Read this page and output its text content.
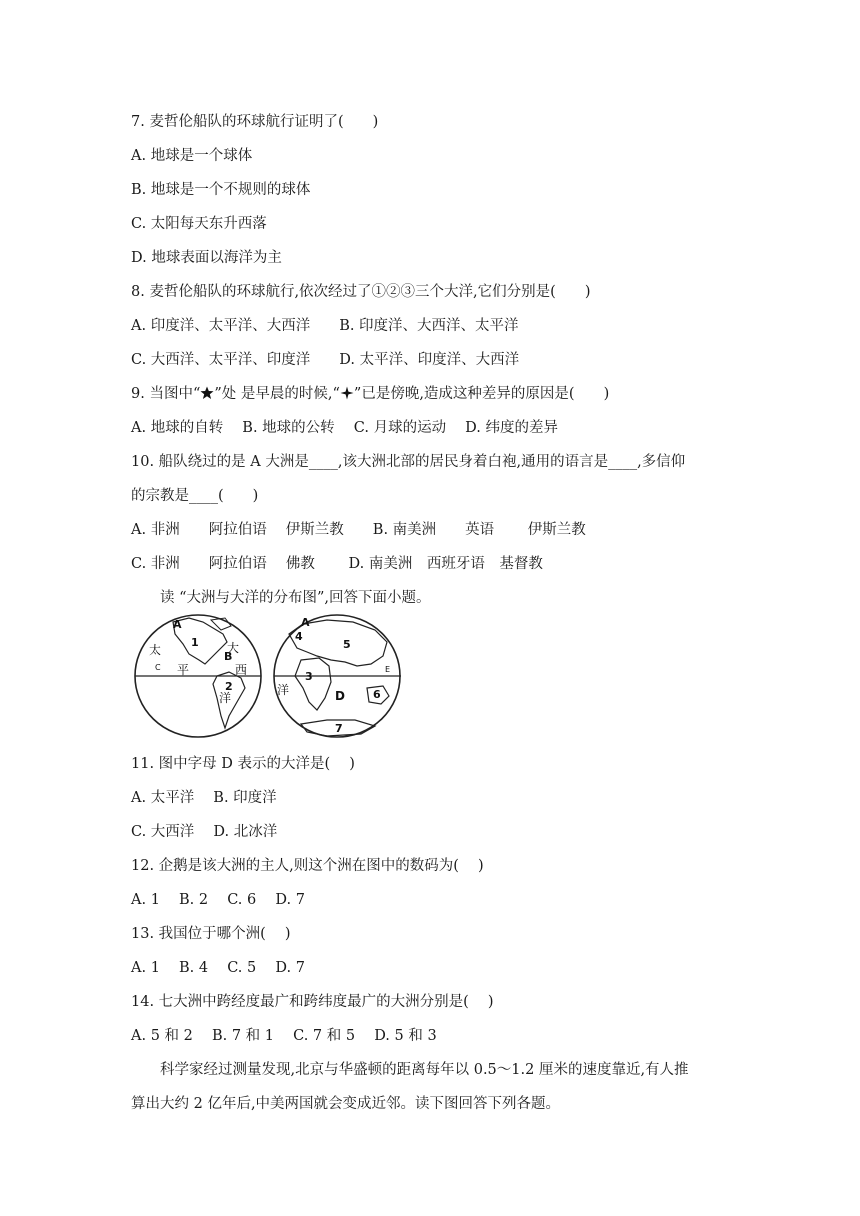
7. 麦哲伦船队的环球航行证明了(　　)
A. 地球是一个球体
B. 地球是一个不规则的球体
C. 太阳每天东升西落
D. 地球表面以海洋为主
8. 麦哲伦船队的环球航行,依次经过了①②③三个大洋,它们分别是(　　)
A. 印度洋、太平洋、大西洋　　B. 印度洋、大西洋、太平洋
C. 大西洋、太平洋、印度洋　　D. 太平洋、印度洋、大西洋
9. 当图中“ ”处 是早晨的时候,“ ”已是傍晚,造成这种差异的原因是(　　)
A. 地球的自转　 B. 地球的公转　 C. 月球的运动　 D. 纬度的差异
10. 船队绕过的是 A 大洲是____,该大洲北部的居民身着白袍,通用的语言是____,多信仰
的宗教是____(　　)
A. 非洲　　阿拉伯语　 伊斯兰教　　B. 南美洲　　英语　　 伊斯兰教
C. 非洲　　阿拉伯语　 佛教　　 D. 南美洲　西班牙语　基督教
读 “大洲与大洋的分布图”,回答下面小题。
A
B
C
1
2
太
平
大
西
洋
A
D
E
3
4
5
6
7
洋
11. 图中字母 D 表示的大洋是(　 )
A. 太平洋　 B. 印度洋
C. 大西洋　 D. 北冰洋
12. 企鹅是该大洲的主人,则这个洲在图中的数码为(　 )
A. 1　 B. 2　 C. 6　 D. 7
13. 我国位于哪个洲(　 )
A. 1　 B. 4　 C. 5　 D. 7
14. 七大洲中跨经度最广和跨纬度最广的大洲分别是(　 )
A. 5 和 2　 B. 7 和 1　 C. 7 和 5　 D. 5 和 3
科学家经过测量发现,北京与华盛顿的距离每年以 0.5～1.2 厘米的速度靠近,有人推
算出大约 2 亿年后,中美两国就会变成近邻。读下图回答下列各题。
